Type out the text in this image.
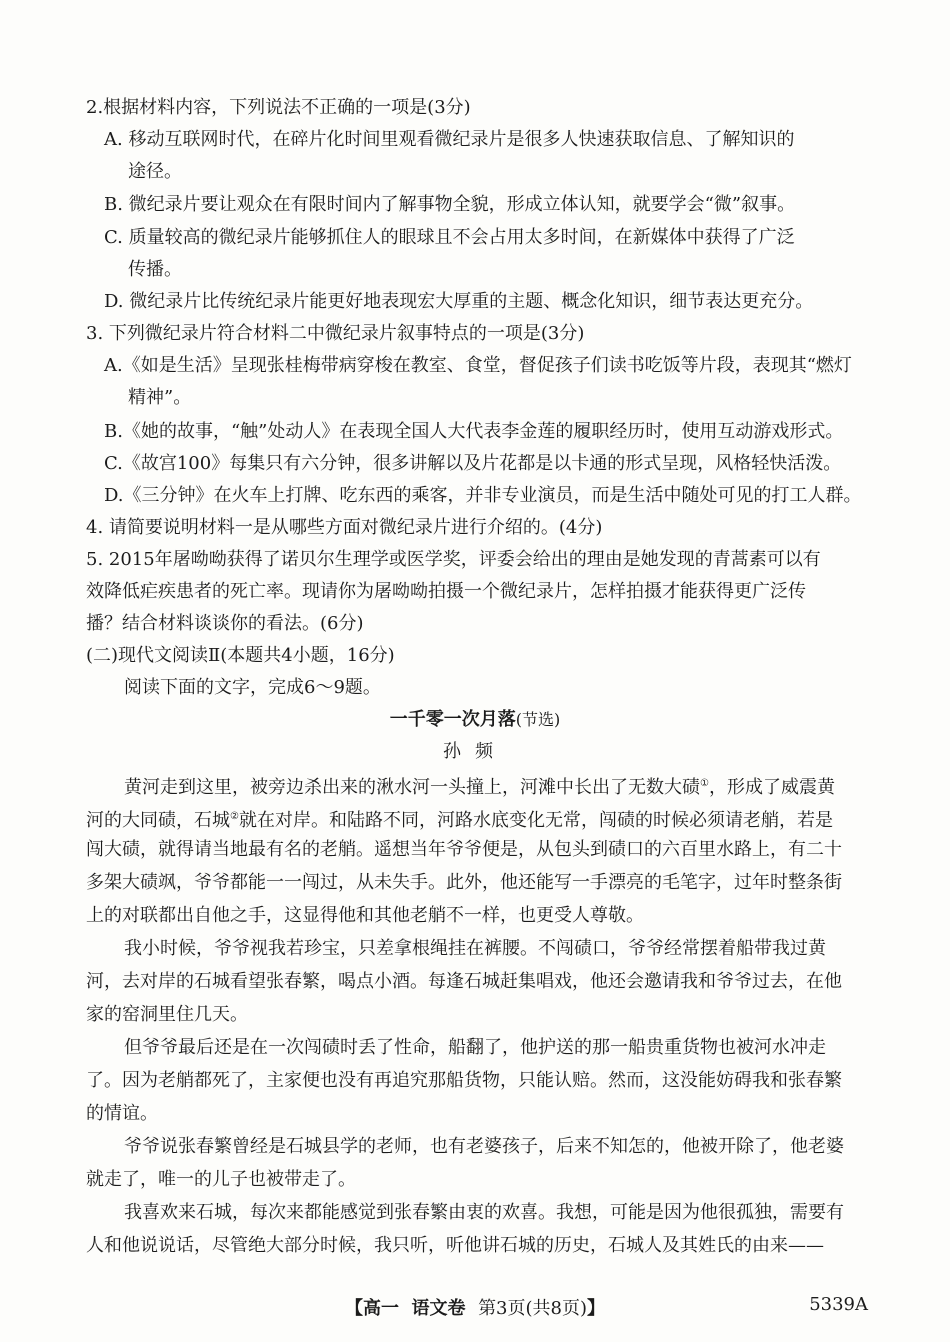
2.根据材料内容，下列说法不正确的一项是(3分)
A. 移动互联网时代，在碎片化时间里观看微纪录片是很多人快速获取信息、了解知识的
途径。
B. 微纪录片要让观众在有限时间内了解事物全貌，形成立体认知，就要学会“微”叙事。
C. 质量较高的微纪录片能够抓住人的眼球且不会占用太多时间，在新媒体中获得了广泛
传播。
D. 微纪录片比传统纪录片能更好地表现宏大厚重的主题、概念化知识，细节表达更充分。
3. 下列微纪录片符合材料二中微纪录片叙事特点的一项是(3分)
A.《如是生活》呈现张桂梅带病穿梭在教室、食堂，督促孩子们读书吃饭等片段，表现其“燃灯
精神”。
B.《她的故事，“触”处动人》在表现全国人大代表李金莲的履职经历时，使用互动游戏形式。
C.《故宫100》每集只有六分钟，很多讲解以及片花都是以卡通的形式呈现，风格轻快活泼。
D.《三分钟》在火车上打牌、吃东西的乘客，并非专业演员，而是生活中随处可见的打工人群。
4. 请简要说明材料一是从哪些方面对微纪录片进行介绍的。(4分)
5. 2015年屠呦呦获得了诺贝尔生理学或医学奖，评委会给出的理由是她发现的青蒿素可以有
效降低疟疾患者的死亡率。现请你为屠呦呦拍摄一个微纪录片，怎样拍摄才能获得更广泛传
播？结合材料谈谈你的看法。(6分)
(二)现代文阅读Ⅱ(本题共4小题，16分)
阅读下面的文字，完成6～9题。
一千零一次月落(节选)
孙频
黄河走到这里，被旁边杀出来的湫水河一头撞上，河滩中长出了无数大碛①，形成了威震黄
河的大同碛，石城②就在对岸。和陆路不同，河路水底变化无常，闯碛的时候必须请老艄，若是
闯大碛，就得请当地最有名的老艄。遥想当年爷爷便是，从包头到碛口的六百里水路上，有二十
多架大碛飒，爷爷都能一一闯过，从未失手。此外，他还能写一手漂亮的毛笔字，过年时整条街
上的对联都出自他之手，这显得他和其他老艄不一样，也更受人尊敬。
我小时候，爷爷视我若珍宝，只差拿根绳挂在裤腰。不闯碛口，爷爷经常摆着船带我过黄
河，去对岸的石城看望张春繁，喝点小酒。每逢石城赶集唱戏，他还会邀请我和爷爷过去，在他
家的窑洞里住几天。
但爷爷最后还是在一次闯碛时丢了性命，船翻了，他护送的那一船贵重货物也被河水冲走
了。因为老艄都死了，主家便也没有再追究那船货物，只能认赔。然而，这没能妨碍我和张春繁
的情谊。
爷爷说张春繁曾经是石城县学的老师，也有老婆孩子，后来不知怎的，他被开除了，他老婆
就走了，唯一的儿子也被带走了。
我喜欢来石城，每次来都能感觉到张春繁由衷的欢喜。我想，可能是因为他很孤独，需要有
人和他说说话，尽管绝大部分时候，我只听，听他讲石城的历史，石城人及其姓氏的由来——
【高一 语文卷 第3页(共8页)】	5339A
